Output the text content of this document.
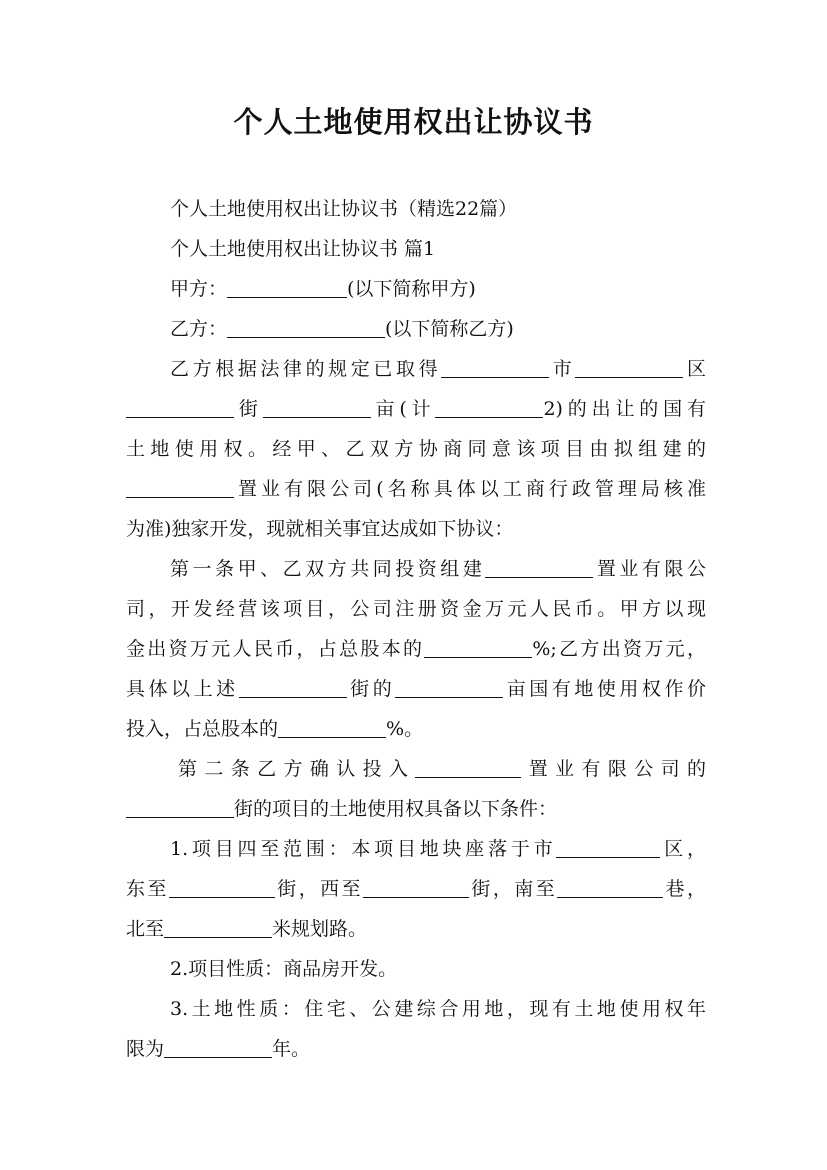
个人土地使用权出让协议书
个人土地使用权出让协议书（精选22篇）
个人土地使用权出让协议书 篇1
甲方：	(以下简称甲方)
乙方：	(以下简称乙方)
乙方根据法律的规定已取得	市	区
街	亩(计	2)的出让的国有
土地使用权。经甲、乙双方协商同意该项目由拟组建的
置业有限公司(名称具体以工商行政管理局核准
为准)独家开发，现就相关事宜达成如下协议：
第一条甲、乙双方共同投资组建	置业有限公
司，开发经营该项目，公司注册资金万元人民币。甲方以现
金出资万元人民币，占总股本的	%;乙方出资万元，
具体以上述	街的	亩国有地使用权作价
投入，占总股本的	%。
第二条乙方确认投入	置业有限公司的
街的项目的土地使用权具备以下条件：
1.项目四至范围：本项目地块座落于市	区，
东至	街，西至	街，南至	巷，
北至	米规划路。
2.项目性质：商品房开发。
3.土地性质：住宅、公建综合用地，现有土地使用权年
限为	年。
